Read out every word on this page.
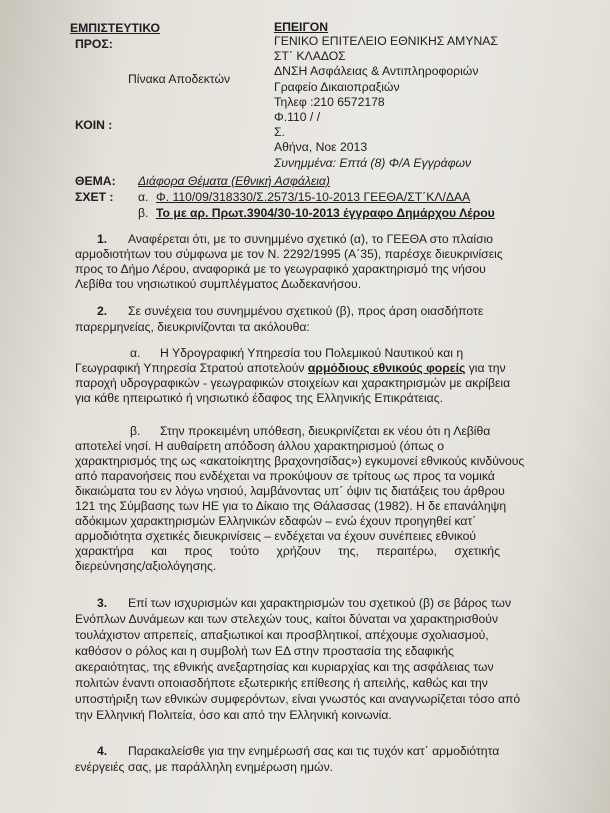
ΕΜΠΙΣΤΕΥΤΙΚΟ
ΠΡΟΣ:
Πίνακα Αποδεκτών
ΚΟΙΝ :
ΕΠΕΙΓΟΝ
ΓΕΝΙΚΟ ΕΠΙΤΕΛΕΙΟ ΕΘΝΙΚΗΣ ΑΜΥΝΑΣ
ΣΤ΄ ΚΛΑΔΟΣ
ΔΝΣΗ Ασφάλειας & Αντιπληροφοριών
Γραφείο Δικαιοπραξιών
Τηλεφ :210 6572178
Φ.110 / /
Σ.
Αθήνα, Νοε 2013
Συνημμένα: Επτά (8) Φ/Α Εγγράφων
ΘΕΜΑ: Διάφορα Θέματα (Εθνική Ασφάλεια)
ΣΧΕΤ : α. Φ. 110/09/318330/Σ.2573/15-10-2013 ΓΕΕΘΑ/ΣΤ΄ΚΛ/ΔΑΑ
β. Το με αρ. Πρωτ.3904/30-10-2013 έγγραφο Δημάρχου Λέρου
1. Αναφέρεται ότι, με το συνημμένο σχετικό (α), το ΓΕΕΘΑ στο πλαίσιο
αρμοδιοτήτων του σύμφωνα με τον Ν. 2292/1995 (Α΄35), παρέσχε διευκρινίσεις
προς το Δήμο Λέρου, αναφορικά με το γεωγραφικό χαρακτηρισμό της νήσου
Λεβίθα του νησιωτικού συμπλέγματος Δωδεκανήσου.
2. Σε συνέχεια του συνημμένου σχετικού (β), προς άρση οιασδήποτε
παρερμηνείας, διευκρινίζονται τα ακόλουθα:
α. Η Υδρογραφική Υπηρεσία του Πολεμικού Ναυτικού και η
Γεωγραφική Υπηρεσία Στρατού αποτελούν αρμόδιους εθνικούς φορείς για την
παροχή υδρογραφικών - γεωγραφικών στοιχείων και χαρακτηρισμών με ακρίβεια
για κάθε ηπειρωτικό ή νησιωτικό έδαφος της Ελληνικής Επικράτειας.
β. Στην προκειμένη υπόθεση, διευκρινίζεται εκ νέου ότι η Λεβίθα
αποτελεί νησί. Η αυθαίρετη απόδοση άλλου χαρακτηρισμού (όπως ο
χαρακτηρισμός της ως «ακατοίκητης βραχονησίδας») εγκυμονεί εθνικούς κινδύνους
από παρανοήσεις που ενδέχεται να προκύψουν σε τρίτους ως προς τα νομικά
δικαιώματα του εν λόγω νησιού, λαμβάνοντας υπ΄ όψιν τις διατάξεις του άρθρου
121 της Σύμβασης των ΗΕ για το Δίκαιο της Θάλασσας (1982). Η δε επανάληψη
αδόκιμων χαρακτηρισμών Ελληνικών εδαφών – ενώ έχουν προηγηθεί κατ΄
αρμοδιότητα σχετικές διευκρινίσεις – ενδέχεται να έχουν συνέπειες εθνικού
χαρακτήρα και προς τούτο χρήζουν της, περαιτέρω, σχετικής
διερεύνησης/αξιολόγησης.
3. Επί των ισχυρισμών και χαρακτηρισμών του σχετικού (β) σε βάρος των
Ενόπλων Δυνάμεων και των στελεχών τους, καίτοι δύναται να χαρακτηρισθούν
τουλάχιστον απρεπείς, απαξιωτικοί και προσβλητικοί, απέχουμε σχολιασμού,
καθόσον ο ρόλος και η συμβολή των ΕΔ στην προστασία της εδαφικής
ακεραιότητας, της εθνικής ανεξαρτησίας και κυριαρχίας και της ασφάλειας των
πολιτών έναντι οποιασδήποτε εξωτερικής επίθεσης ή απειλής, καθώς και την
υποστήριξη των εθνικών συμφερόντων, είναι γνωστός και αναγνωρίζεται τόσο από
την Ελληνική Πολιτεία, όσο και από την Ελληνική κοινωνία.
4. Παρακαλείσθε για την ενημέρωσή σας και τις τυχόν κατ΄ αρμοδιότητα
ενέργειές σας, με παράλληλη ενημέρωση ημών.
